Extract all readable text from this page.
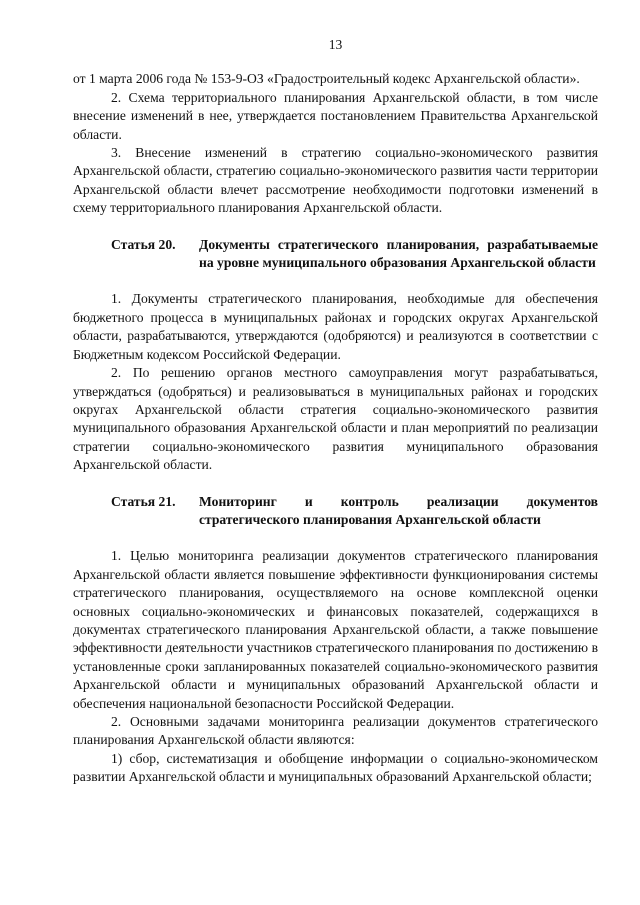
13

от 1 марта 2006 года № 153-9-ОЗ «Градостроительный кодекс Архангельской области».

2. Схема территориального планирования Архангельской области, в том числе внесение изменений в нее, утверждается постановлением Правительства Архангельской области.

3. Внесение изменений в стратегию социально-экономического развития Архангельской области, стратегию социально-экономического развития части территории Архангельской области влечет рассмотрение необходимости подготовки изменений в схему территориального планирования Архангельской области.

Статья 20.	Документы стратегического планирования, разрабатываемые на уровне муниципального образования Архангельской области

1. Документы стратегического планирования, необходимые для обеспечения бюджетного процесса в муниципальных районах и городских округах Архангельской области, разрабатываются, утверждаются (одобряются) и реализуются в соответствии с Бюджетным кодексом Российской Федерации.

2. По решению органов местного самоуправления могут разрабатываться, утверждаться (одобряться) и реализовываться в муниципальных районах и городских округах Архангельской области стратегия социально-экономического развития муниципального образования Архангельской области и план мероприятий по реализации стратегии социально-экономического развития муниципального образования Архангельской области.

Статья 21.	Мониторинг и контроль реализации документов стратегического планирования Архангельской области

1. Целью мониторинга реализации документов стратегического планирования Архангельской области является повышение эффективности функционирования системы стратегического планирования, осуществляемого на основе комплексной оценки основных социально-экономических и финансовых показателей, содержащихся в документах стратегического планирования Архангельской области, а также повышение эффективности деятельности участников стратегического планирования по достижению в установленные сроки запланированных показателей социально-экономического развития Архангельской области и муниципальных образований Архангельской области и обеспечения национальной безопасности Российской Федерации.

2. Основными задачами мониторинга реализации документов стратегического планирования Архангельской области являются:

1) сбор, систематизация и обобщение информации о социально-экономическом развитии Архангельской области и муниципальных образований Архангельской области;
